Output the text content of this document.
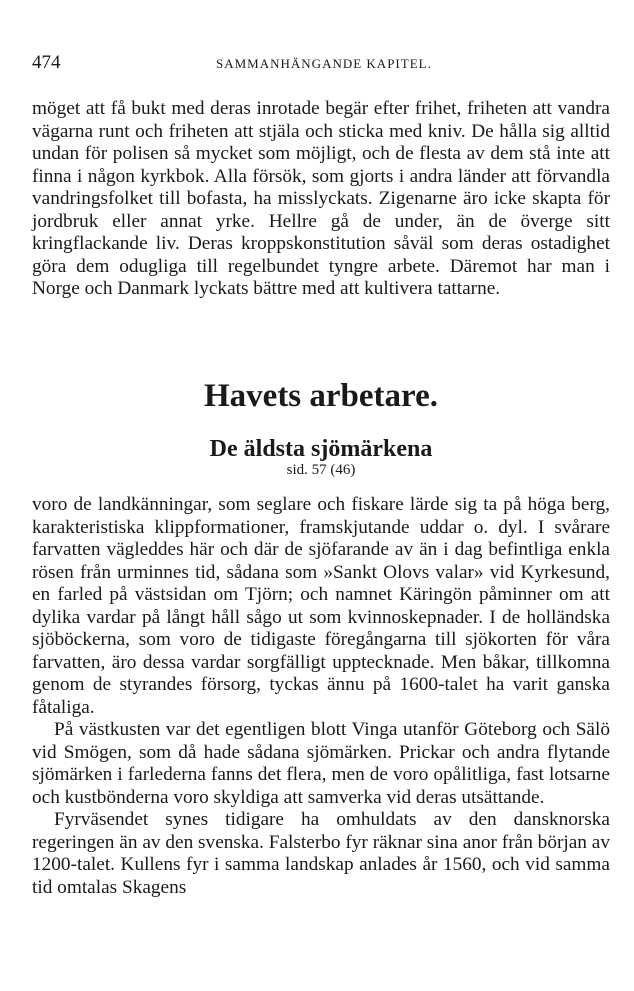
474	SAMMANHÄNGANDE KAPITEL.

möget att få bukt med deras inrotade begär efter frihet, friheten att vandra vägarna runt och friheten att stjäla och sticka med kniv. De hålla sig alltid undan för polisen så mycket som möjligt, och de flesta av dem stå inte att finna i någon kyrkbok. Alla försök, som gjorts i andra länder att förvandla vandringsfolket till bofasta, ha misslyckats. Zigenarne äro icke skapta för jordbruk eller annat yrke. Hellre gå de under, än de överge sitt kringflackande liv. Deras kroppskonstitution såväl som deras ostadighet göra dem odugliga till regelbundet tyngre arbete. Däremot har man i Norge och Danmark lyckats bättre med att kultivera tattarne.

Havets arbetare.
De äldsta sjömärkena
sid. 57 (46)
voro de landkänningar, som seglare och fiskare lärde sig ta på höga berg, karakteristiska klippformationer, framskjutande uddar o. dyl. I svårare farvatten vägleddes här och där de sjöfarande av än i dag befintliga enkla rösen från urminnes tid, sådana som »Sankt Olovs valar» vid Kyrkesund, en farled på västsidan om Tjörn; och namnet Käringön påminner om att dylika vardar på långt håll sågo ut som kvinnoskepnader. I de holländska sjöböckerna, som voro de tidigaste föregångarna till sjökorten för våra farvatten, äro dessa vardar sorgfälligt upptecknade. Men båkar, tillkomna genom de styrandes försorg, tyckas ännu på 1600-talet ha varit ganska fåtaliga.
På västkusten var det egentligen blott Vinga utanför Göteborg och Sälö vid Smögen, som då hade sådana sjömärken. Prickar och andra flytande sjömärken i farlederna fanns det flera, men de voro opålitliga, fast lotsarne och kustbönderna voro skyldiga att samverka vid deras utsättande.
Fyrväsendet synes tidigare ha omhuldats av den dansknorska regeringen än av den svenska. Falsterbo fyr räknar sina anor från början av 1200-talet. Kullens fyr i samma landskap anlades år 1560, och vid samma tid omtalas Skagens
